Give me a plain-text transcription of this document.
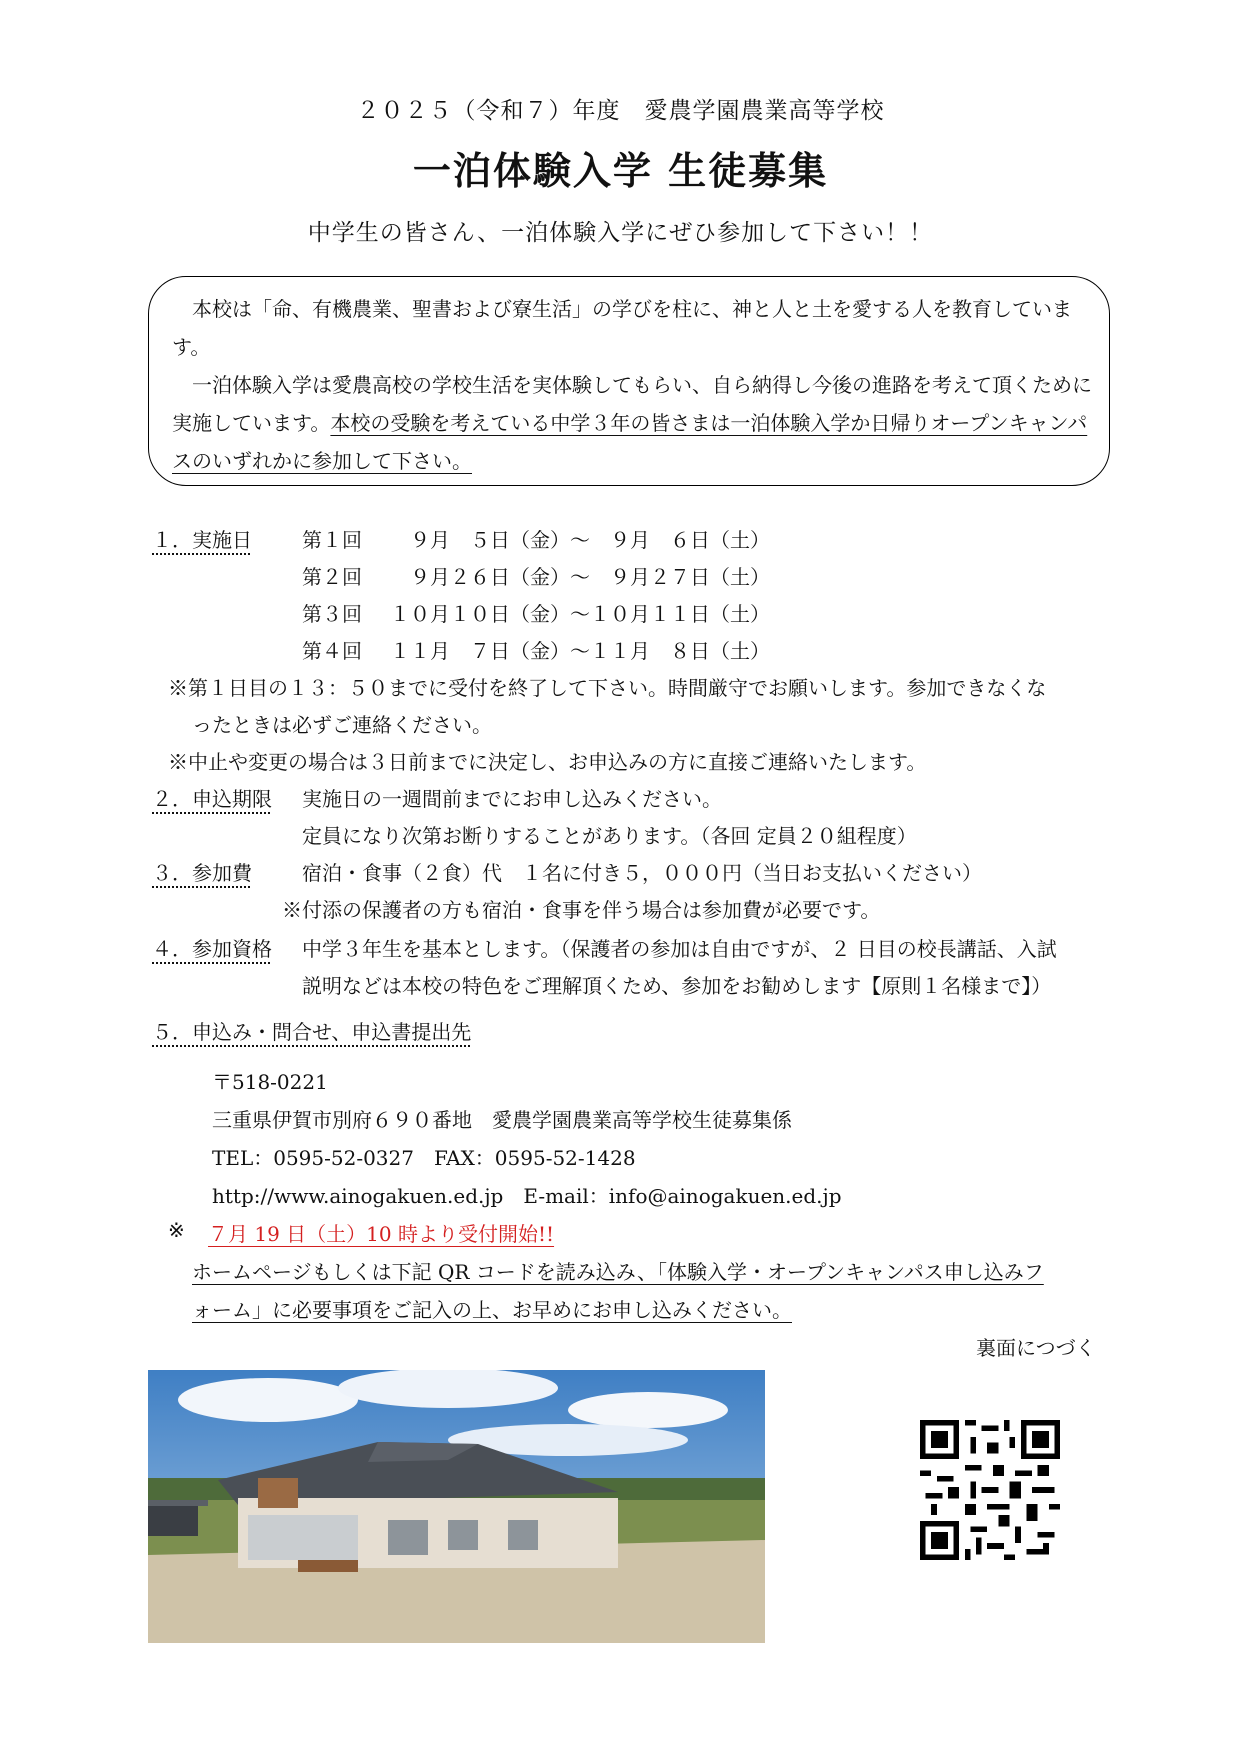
２０２５（令和７）年度　愛農学園農業高等学校
一泊体験入学 生徒募集
中学生の皆さん、一泊体験入学にぜひ参加して下さい！！
　本校は「命、有機農業、聖書および寮生活」の学びを柱に、神と人と土を愛する人を教育しています。
　一泊体験入学は愛農高校の学校生活を実体験してもらい、自ら納得し今後の進路を考えて頂くために実施しています。本校の受験を考えている中学３年の皆さまは一泊体験入学か日帰りオープンキャンパスのいずれかに参加して下さい。
１．実施日	第１回 　９月　５日（金）～　９月　６日（土）
第２回 　９月２６日（金）～　９月２７日（土）
第３回 １０月１０日（金）～１０月１１日（土）
第４回 １１月　７日（金）～１１月　８日（土）
※第１日目の１３：５０までに受付を終了して下さい。時間厳守でお願いします。参加できなくな
ったときは必ずご連絡ください。
※中止や変更の場合は３日前までに決定し、お申込みの方に直接ご連絡いたします。
２．申込期限 実施日の一週間前までにお申し込みください。
定員になり次第お断りすることがあります。（各回 定員２０組程度）
３．参加費	宿泊・食事（２食）代　１名に付き５，０００円（当日お支払いください）
※付添の保護者の方も宿泊・食事を伴う場合は参加費が必要です。
４．参加資格 中学３年生を基本とします。（保護者の参加は自由ですが、２ 日目の校長講話、入試
説明などは本校の特色をご理解頂くため、参加をお勧めします【原則１名様まで】）
５．申込み・問合せ、申込書提出先
〒518-0221
三重県伊賀市別府６９０番地　愛農学園農業高等学校生徒募集係
TEL：0595-52-0327　FAX：0595-52-1428
http://www.ainogakuen.ed.jp　E-mail：info@ainogakuen.ed.jp
※ ７月 19 日（土）10 時より受付開始!!
ホームページもしくは下記 QR コードを読み込み、「体験入学・オープンキャンパス申し込みフ
ォーム」に必要事項をご記入の上、お早めにお申し込みください。
裏面につづく
